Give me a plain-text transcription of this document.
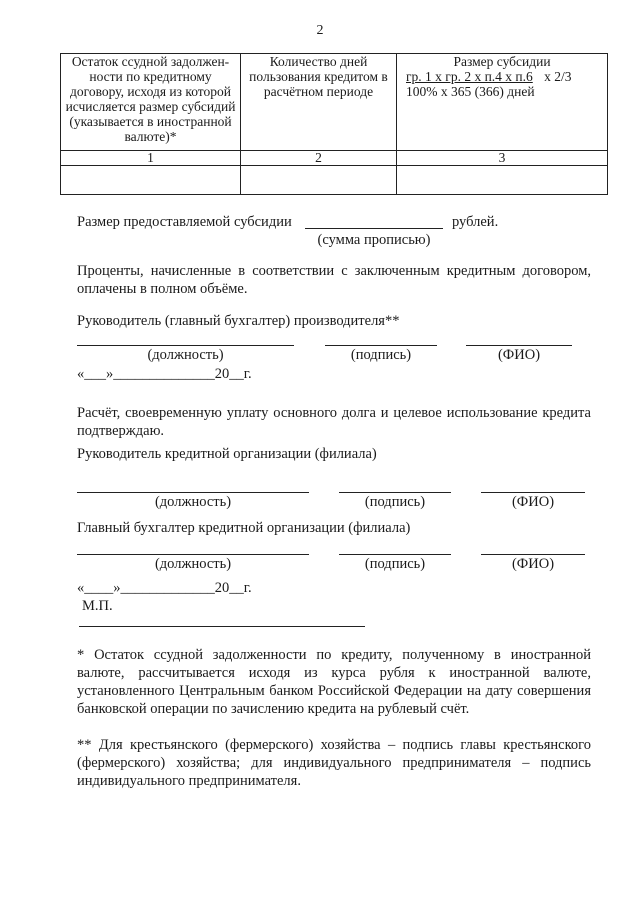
2
Остаток ссудной задолжен-ности по кредитному договору, исходя из которой исчисляется размер субсидий (указывается в иностранной валюте)*	Количество дней пользования кредитом в расчётном периоде	Размер субсидии
гр. 1 х гр. 2 х п.4 х п.6 х 2/3
100% х 365 (366) дней

1	2	3

Размер предоставляемой субсидии	рублей.
(сумма прописью)
Проценты, начисленные в соответствии с заключенным кредитным договором, оплачены в полном объёме.
Руководитель (главный бухгалтер) производителя**
(должность)	(подпись)	(ФИО)
«___»______________20__г.
Расчёт, своевременную уплату основного долга и целевое использование кредита подтверждаю.
Руководитель кредитной организации (филиала)
(должность)	(подпись)	(ФИО)
Главный бухгалтер кредитной организации (филиала)
(должность)	(подпись)	(ФИО)
«____»_____________20__г.
М.П.
* Остаток ссудной задолженности по кредиту, полученному в иностранной валюте, рассчитывается исходя из курса рубля к иностранной валюте, установленного Центральным банком Российской Федерации на дату совершения банковской операции по зачислению кредита на рублевый счёт.
** Для крестьянского (фермерского) хозяйства – подпись главы крестьянского (фермерского) хозяйства; для индивидуального предпринимателя – подпись индивидуального предпринимателя.
